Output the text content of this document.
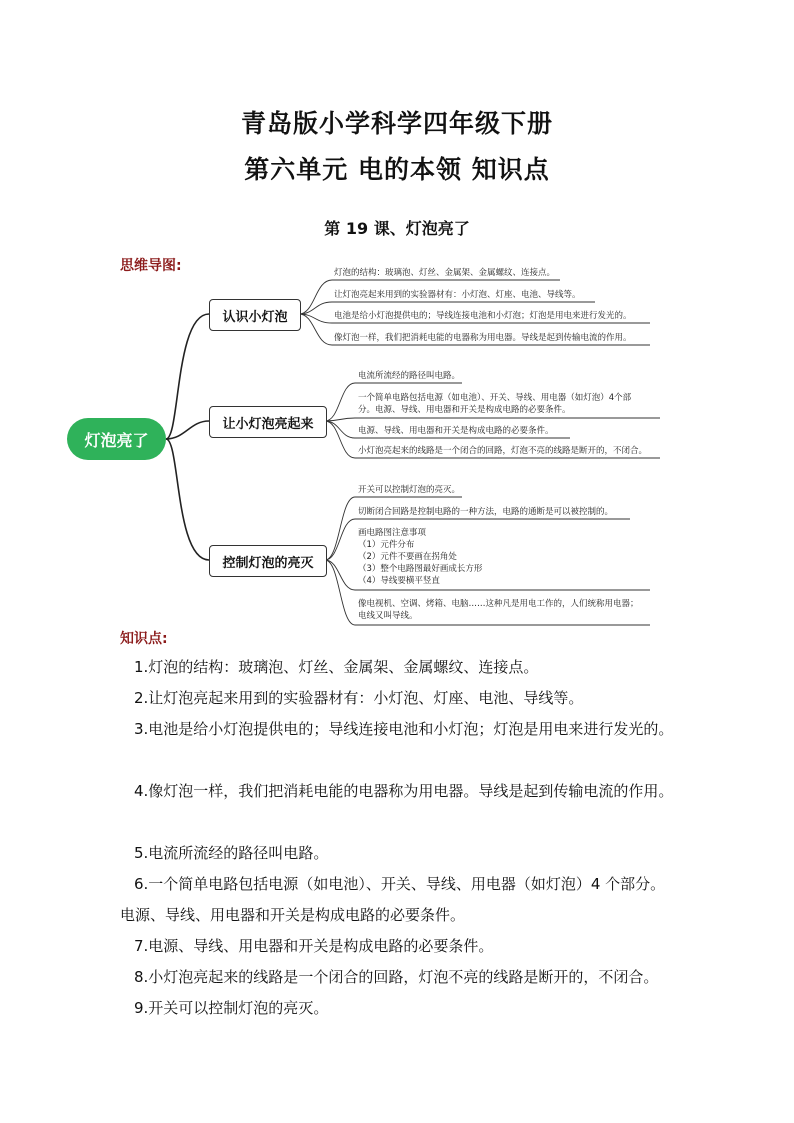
青岛版小学科学四年级下册
第六单元 电的本领 知识点
第 19 课、灯泡亮了
思维导图:
灯泡亮了
认识小灯泡
让小灯泡亮起来
控制灯泡的亮灭
灯泡的结构：玻璃泡、灯丝、金属架、金属螺纹、连接点。
让灯泡亮起来用到的实验器材有：小灯泡、灯座、电池、导线等。
电池是给小灯泡提供电的；导线连接电池和小灯泡；灯泡是用电来进行发光的。
像灯泡一样，我们把消耗电能的电器称为用电器。导线是起到传输电流的作用。
电流所流经的路径叫电路。
一个简单电路包括电源（如电池）、开关、导线、用电器（如灯泡）4个部
分。电源、导线、用电器和开关是构成电路的必要条件。
电源、导线、用电器和开关是构成电路的必要条件。
小灯泡亮起来的线路是一个闭合的回路，灯泡不亮的线路是断开的，不闭合。
开关可以控制灯泡的亮灭。
切断闭合回路是控制电路的一种方法，电路的通断是可以被控制的。
画电路图注意事项
（1）元件分布
（2）元件不要画在拐角处
（3）整个电路图最好画成长方形
（4）导线要横平竖直
像电视机、空调、烤箱、电脑……这种凡是用电工作的，人们统称用电器；
电线又叫导线。
知识点:
1.灯泡的结构：玻璃泡、灯丝、金属架、金属螺纹、连接点。
2.让灯泡亮起来用到的实验器材有：小灯泡、灯座、电池、导线等。
3.电池是给小灯泡提供电的；导线连接电池和小灯泡；灯泡是用电来进行发光的。
4.像灯泡一样，我们把消耗电能的电器称为用电器。导线是起到传输电流的作用。
5.电流所流经的路径叫电路。
6.一个简单电路包括电源（如电池）、开关、导线、用电器（如灯泡）4 个部分。电源、导线、用电器和开关是构成电路的必要条件。
7.电源、导线、用电器和开关是构成电路的必要条件。
8.小灯泡亮起来的线路是一个闭合的回路，灯泡不亮的线路是断开的，不闭合。
9.开关可以控制灯泡的亮灭。
